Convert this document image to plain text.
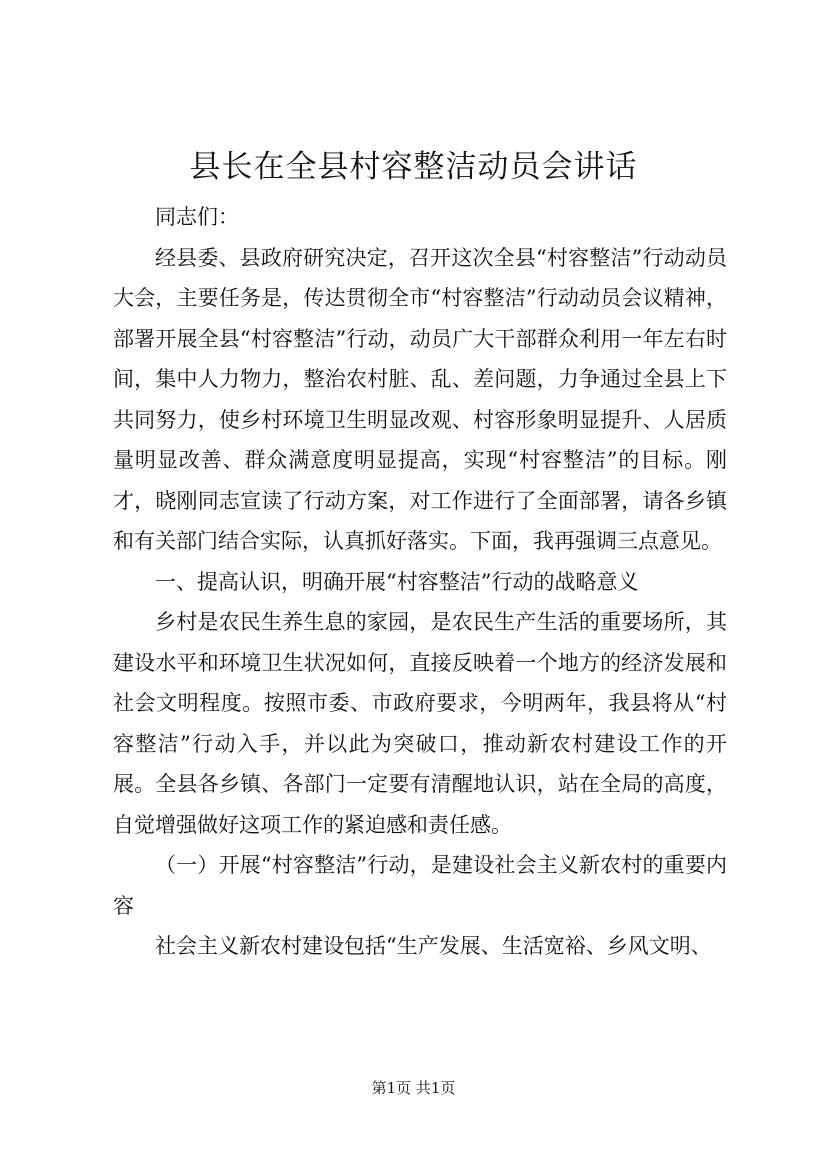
县长在全县村容整洁动员会讲话

同志们：

经县委、县政府研究决定，召开这次全县“村容整洁”行动动员大会，主要任务是，传达贯彻全市“村容整洁”行动动员会议精神，部署开展全县“村容整洁”行动，动员广大干部群众利用一年左右时间，集中人力物力，整治农村脏、乱、差问题，力争通过全县上下共同努力，使乡村环境卫生明显改观、村容形象明显提升、人居质量明显改善、群众满意度明显提高，实现“村容整洁”的目标。刚才，晓刚同志宣读了行动方案，对工作进行了全面部署，请各乡镇和有关部门结合实际，认真抓好落实。下面，我再强调三点意见。

一、提高认识，明确开展“村容整洁”行动的战略意义

乡村是农民生养生息的家园，是农民生产生活的重要场所，其建设水平和环境卫生状况如何，直接反映着一个地方的经济发展和社会文明程度。按照市委、市政府要求，今明两年，我县将从“村容整洁”行动入手，并以此为突破口，推动新农村建设工作的开展。全县各乡镇、各部门一定要有清醒地认识，站在全局的高度，自觉增强做好这项工作的紧迫感和责任感。

（一）开展“村容整洁”行动，是建设社会主义新农村的重要内容

社会主义新农村建设包括“生产发展、生活宽裕、乡风文明、

第1页 共1页
